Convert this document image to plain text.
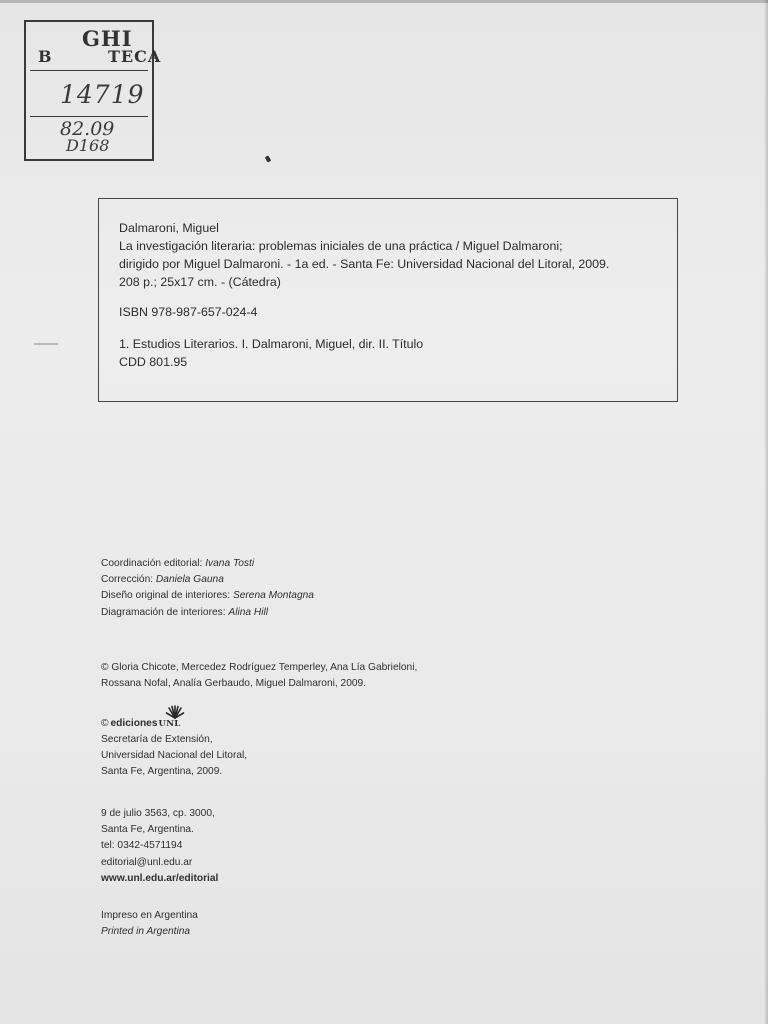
GHI
B	TECA
14719
82.09
D168
Dalmaroni, Miguel
La investigación literaria: problemas iniciales de una práctica / Miguel Dalmaroni;
dirigido por Miguel Dalmaroni. - 1a ed. - Santa Fe: Universidad Nacional del Litoral, 2009.
208 p.; 25x17 cm. - (Cátedra)
ISBN 978-987-657-024-4
1. Estudios Literarios. I. Dalmaroni, Miguel, dir. II. Título
CDD 801.95
Coordinación editorial: Ivana Tosti
Corrección: Daniela Gauna
Diseño original de interiores: Serena Montagna
Diagramación de interiores: Alina Hill
© Gloria Chicote, Mercedez Rodríguez Temperley, Ana Lía Gabrieloni,
Rossana Nofal, Analía Gerbaudo, Miguel Dalmaroni, 2009.
© ediciones UNL
Secretaría de Extensión,
Universidad Nacional del Litoral,
Santa Fe, Argentina, 2009.
9 de julio 3563, cp. 3000,
Santa Fe, Argentina.
tel: 0342-4571194
editorial@unl.edu.ar
www.unl.edu.ar/editorial
Impreso en Argentina
Printed in Argentina
